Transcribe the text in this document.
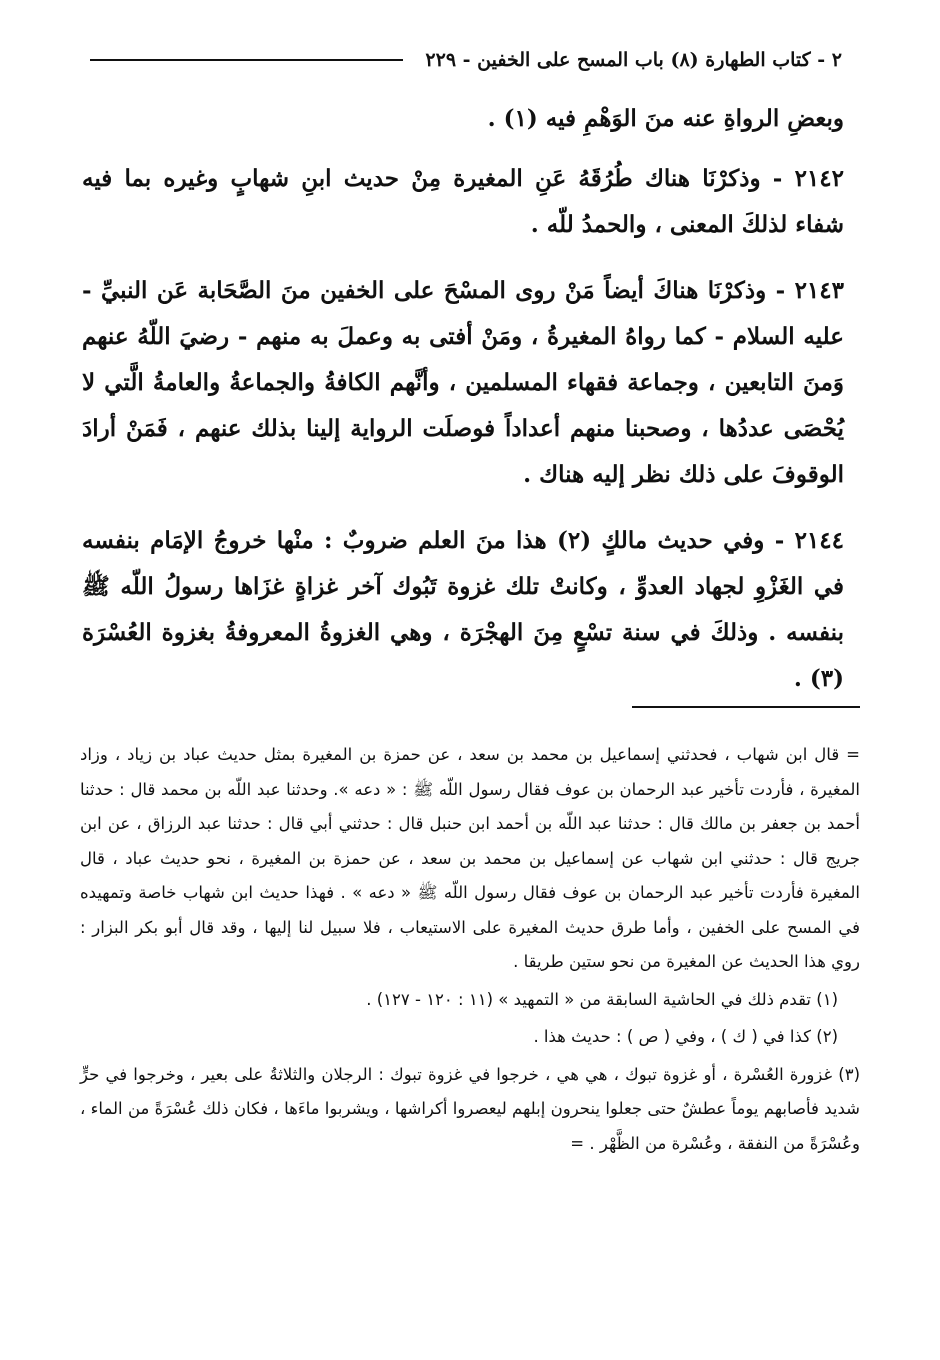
٢ - كتاب الطهارة (٨) باب المسح على الخفين - ٢٢٩

وبعضِ الرواةِ عنه منَ الوَهْمِ فيه (١) .

٢١٤٢ - وذكرْنَا هناك طُرُقَهُ عَنِ المغيرة مِنْ حديث ابنِ شهابٍ وغيره بما فيه شفاء لذلكَ المعنى ، والحمدُ للّه .

٢١٤٣ - وذكرْنَا هناكَ أيضاً مَنْ روى المسْحَ على الخفين منَ الصَّحَابة عَن النبيِّ - عليه السلام - كما رواهُ المغيرةُ ، ومَنْ أفتى به وعملَ به منهم - رضيَ اللّهُ عنهم وَمنَ التابعين ، وجماعة فقهاء المسلمين ، وأنَّهم الكافةُ والجماعةُ والعامةُ الَّتي لا يُحْصَى عددُها ، وصحبنا منهم أعداداً فوصلَت الرواية إلينا بذلك عنهم ، فَمَنْ أرادَ الوقوفَ على ذلك نظر إليه هناك .

٢١٤٤ - وفي حديث مالكٍ (٢) هذا منَ العلم ضروبٌ : منْها خروجُ الإمَام بنفسه في الغَزْوِ لجهاد العدوِّ ، وكانتْ تلك غزوة تَبُوك آخر غزاةٍ غزَاها رسولُ اللّه ﷺ بنفسه . وذلكَ في سنة تسْعٍ مِنَ الهجْرَة ، وهي الغزوةُ المعروفةُ بغزوة العُسْرَة (٣) .

= قال ابن شهاب ، فحدثني إسماعيل بن محمد بن سعد ، عن حمزة بن المغيرة بمثل حديث عباد بن زياد ، وزاد المغيرة ، فأردت تأخير عبد الرحمان بن عوف فقال رسول اللّه ﷺ : « دعه ». وحدثنا عبد اللّه بن محمد قال : حدثنا أحمد بن جعفر بن مالك قال : حدثنا عبد اللّه بن أحمد ابن حنبل قال : حدثني أبي قال : حدثنا عبد الرزاق ، عن ابن جريج قال : حدثني ابن شهاب عن إسماعيل بن محمد بن سعد ، عن حمزة بن المغيرة ، نحو حديث عباد ، قال المغيرة فأردت تأخير عبد الرحمان بن عوف فقال رسول اللّه ﷺ « دعه » . فهذا حديث ابن شهاب خاصة وتمهيده في المسح على الخفين ، وأما طرق حديث المغيرة على الاستيعاب ، فلا سبيل لنا إليها ، وقد قال أبو بكر البزار : روي هذا الحديث عن المغيرة من نحو ستين طريقا .

(١) تقدم ذلك في الحاشية السابقة من « التمهيد » (١١ : ١٢٠ - ١٢٧) .

(٢) كذا في ( ك ) ، وفي ( ص ) : حديث هذا .

(٣) غزورة العُسْرة ، أو غزوة تبوك ، هي هي ، خرجوا في غزوة تبوك : الرجلان والثلاثةُ على بعير ، وخرجوا في حرٍّ شديد فأصابهم يوماً عطشٌ حتى جعلوا ينحرون إبلهم ليعصروا أكراشها ، ويشربوا ماءَها ، فكان ذلك عُسْرَةً من الماء ، وعُسْرَةً من النفقة ، وعُسْرة من الظَّهْر . =
